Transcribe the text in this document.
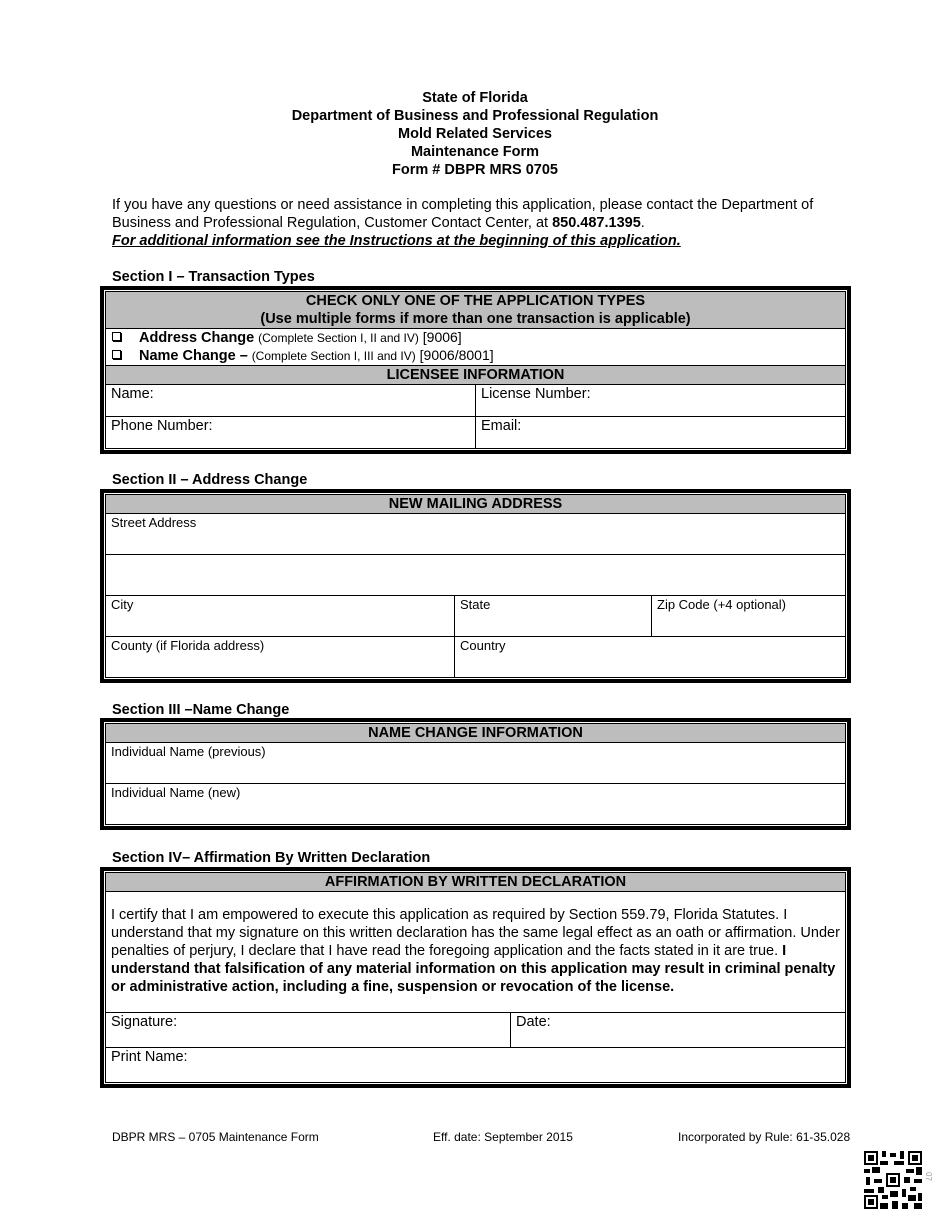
State of Florida
Department of Business and Professional Regulation
Mold Related Services
Maintenance Form
Form # DBPR MRS 0705
If you have any questions or need assistance in completing this application, please contact the Department of Business and Professional Regulation, Customer Contact Center, at 850.487.1395.
For additional information see the Instructions at the beginning of this application.
Section I – Transaction Types
CHECK ONLY ONE OF THE APPLICATION TYPES
(Use multiple forms if more than one transaction is applicable)
Address Change (Complete Section I, II and IV) [9006]
Name Change – (Complete Section I, III and IV) [9006/8001]
LICENSEE INFORMATION
Name:	License Number:
Phone Number:	Email:
Section II – Address Change
NEW MAILING ADDRESS
Street Address
City	State	Zip Code (+4 optional)
County (if Florida address)	Country
Section III –Name Change
NAME CHANGE INFORMATION
Individual Name (previous)
Individual Name (new)
Section IV– Affirmation By Written Declaration
AFFIRMATION BY WRITTEN DECLARATION
I certify that I am empowered to execute this application as required by Section 559.79, Florida Statutes. I understand that my signature on this written declaration has the same legal effect as an oath or affirmation. Under penalties of perjury, I declare that I have read the foregoing application and the facts stated in it are true. I understand that falsification of any material information on this application may result in criminal penalty or administrative action, including a fine, suspension or revocation of the license.
Signature:	Date:
Print Name:
DBPR MRS – 0705 Maintenance Form	Eff. date: September 2015	Incorporated by Rule: 61-35.028
07
